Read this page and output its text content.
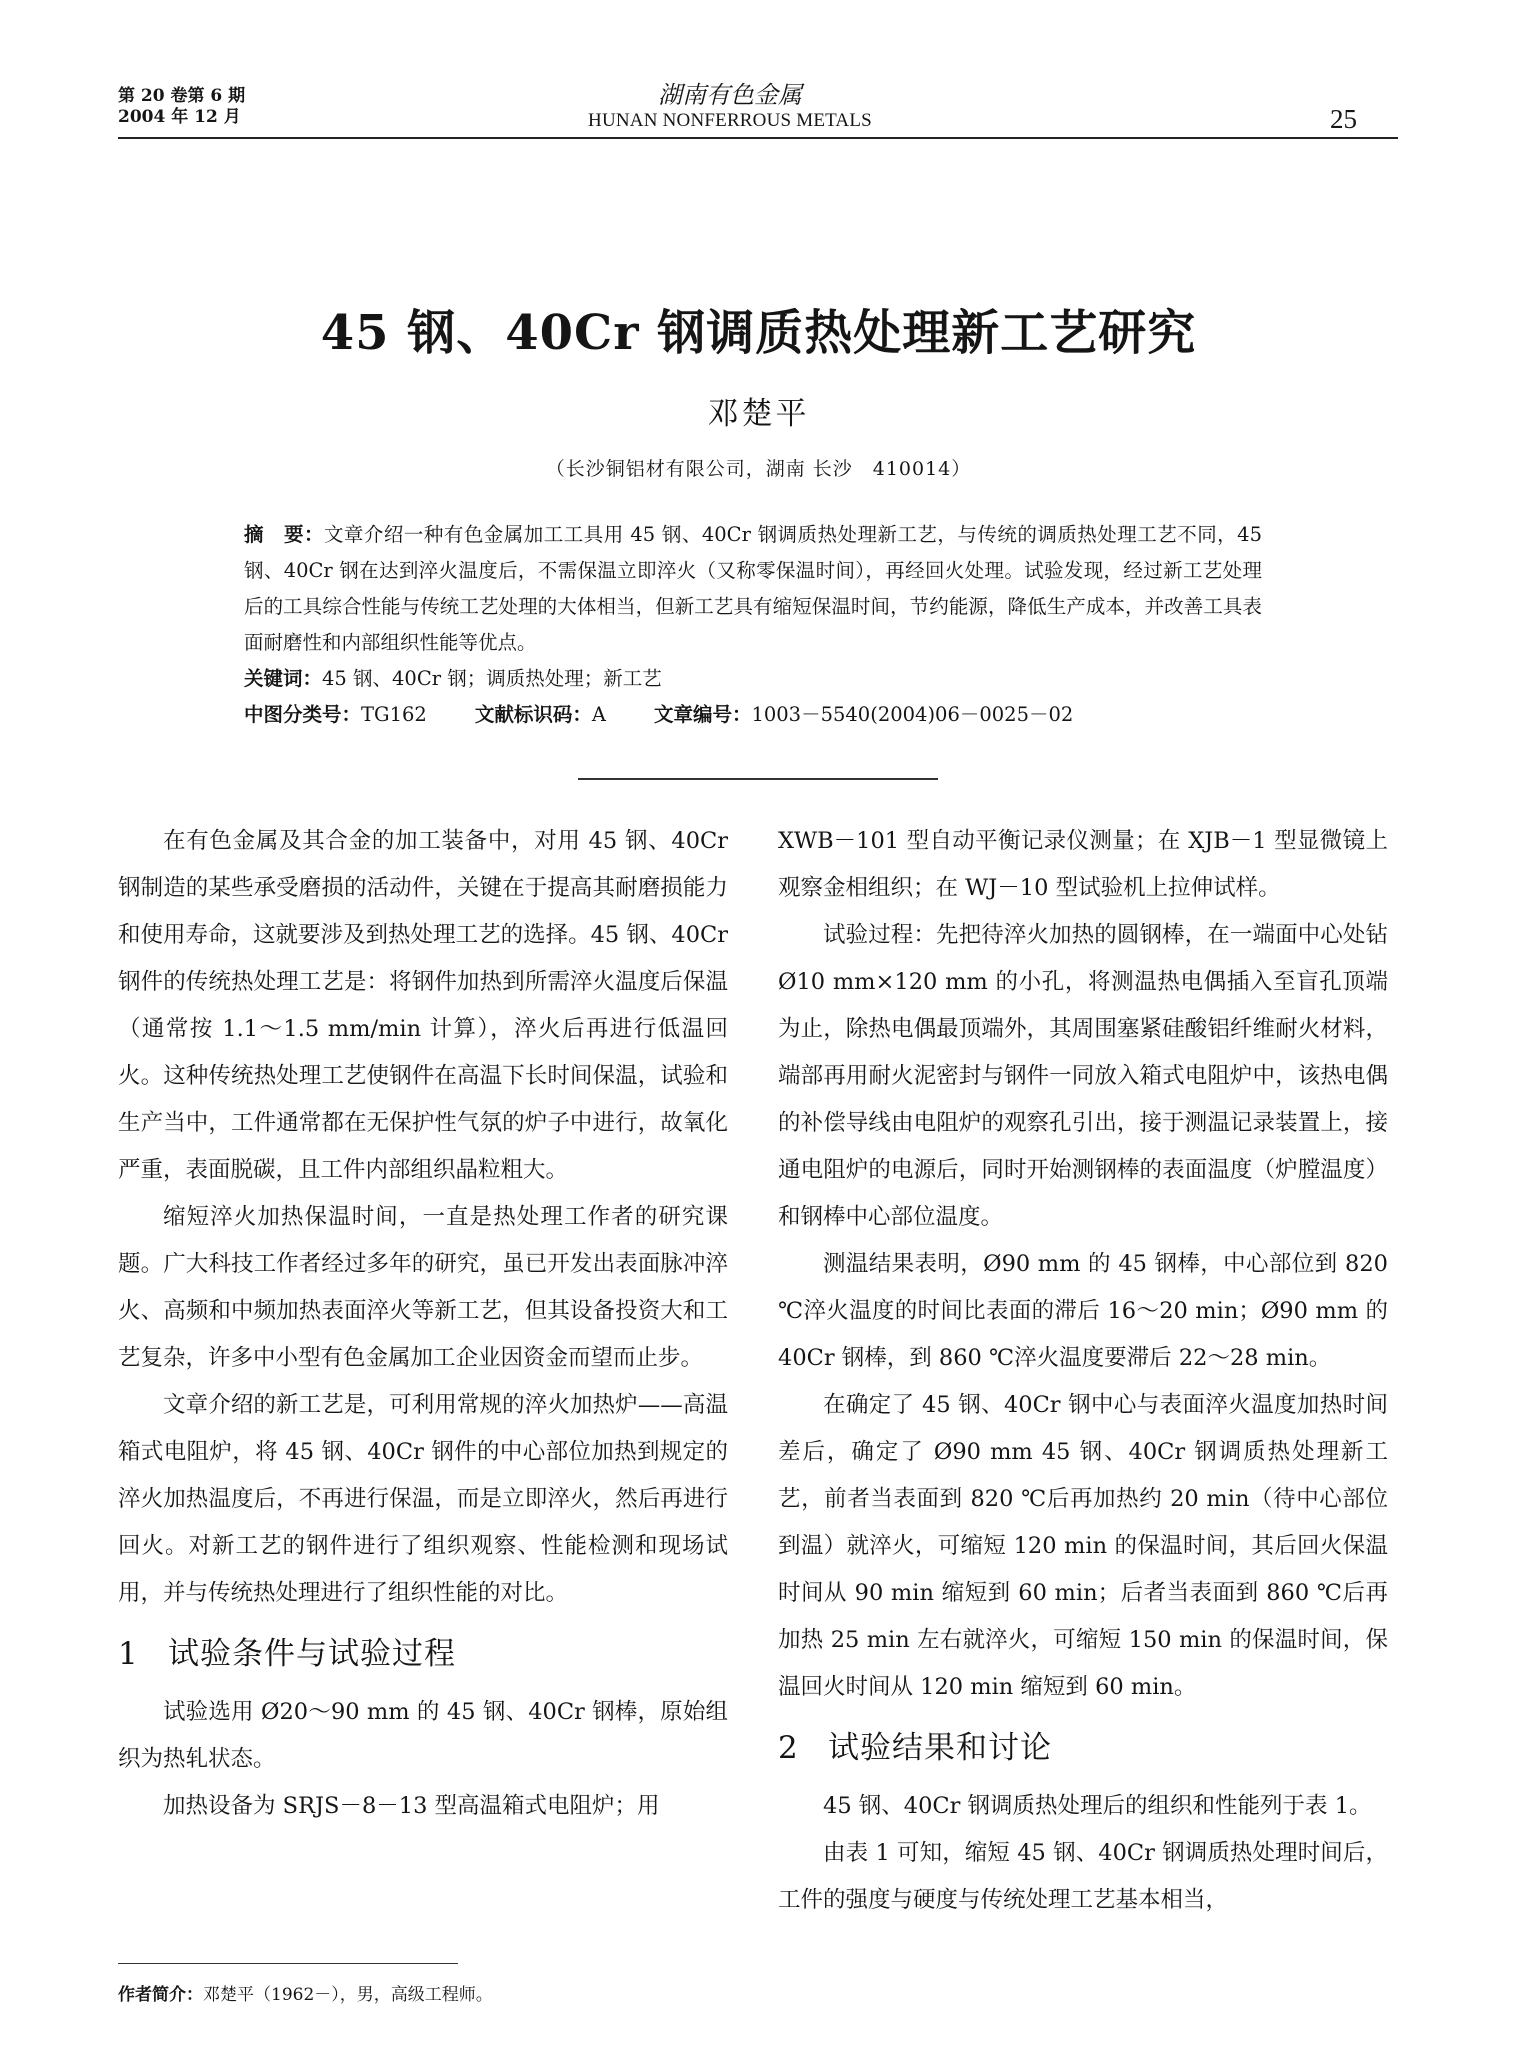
第 20 卷第 6 期
2004 年 12 月
湖南有色金属
HUNAN NONFERROUS METALS	25
45 钢、40Cr 钢调质热处理新工艺研究
邓楚平
（长沙铜铝材有限公司，湖南 长沙　410014）
摘　要：文章介绍一种有色金属加工工具用 45 钢、40Cr 钢调质热处理新工艺，与传统的调质热处理工艺不同，45 钢、40Cr 钢在达到淬火温度后，不需保温立即淬火（又称零保温时间），再经回火处理。试验发现，经过新工艺处理后的工具综合性能与传统工艺处理的大体相当，但新工艺具有缩短保温时间，节约能源，降低生产成本，并改善工具表面耐磨性和内部组织性能等优点。
关键词：45 钢、40Cr 钢；调质热处理；新工艺
中图分类号：TG162 文献标识码：A 文章编号：1003－5540(2004)06－0025－02

在有色金属及其合金的加工装备中，对用 45 钢、40Cr 钢制造的某些承受磨损的活动件，关键在于提高其耐磨损能力和使用寿命，这就要涉及到热处理工艺的选择。45 钢、40Cr 钢件的传统热处理工艺是：将钢件加热到所需淬火温度后保温（通常按 1.1～1.5 mm/min 计算），淬火后再进行低温回火。这种传统热处理工艺使钢件在高温下长时间保温，试验和生产当中，工件通常都在无保护性气氛的炉子中进行，故氧化严重，表面脱碳，且工件内部组织晶粒粗大。

缩短淬火加热保温时间，一直是热处理工作者的研究课题。广大科技工作者经过多年的研究，虽已开发出表面脉冲淬火、高频和中频加热表面淬火等新工艺，但其设备投资大和工艺复杂，许多中小型有色金属加工企业因资金而望而止步。

文章介绍的新工艺是，可利用常规的淬火加热炉——高温箱式电阻炉，将 45 钢、40Cr 钢件的中心部位加热到规定的淬火加热温度后，不再进行保温，而是立即淬火，然后再进行回火。对新工艺的钢件进行了组织观察、性能检测和现场试用，并与传统热处理进行了组织性能的对比。

1 试验条件与试验过程

试验选用 Ø20～90 mm 的 45 钢、40Cr 钢棒，原始组织为热轧状态。

加热设备为 SRJS－8－13 型高温箱式电阻炉；用

XWB－101 型自动平衡记录仪测量；在 XJB－1 型显微镜上观察金相组织；在 WJ－10 型试验机上拉伸试样。

试验过程：先把待淬火加热的圆钢棒，在一端面中心处钻 Ø10 mm×120 mm 的小孔，将测温热电偶插入至盲孔顶端为止，除热电偶最顶端外，其周围塞紧硅酸铝纤维耐火材料，端部再用耐火泥密封与钢件一同放入箱式电阻炉中，该热电偶的补偿导线由电阻炉的观察孔引出，接于测温记录装置上，接通电阻炉的电源后，同时开始测钢棒的表面温度（炉膛温度）和钢棒中心部位温度。

测温结果表明，Ø90 mm 的 45 钢棒，中心部位到 820 ℃淬火温度的时间比表面的滞后 16～20 min；Ø90 mm 的 40Cr 钢棒，到 860 ℃淬火温度要滞后 22～28 min。

在确定了 45 钢、40Cr 钢中心与表面淬火温度加热时间差后，确定了 Ø90 mm 45 钢、40Cr 钢调质热处理新工艺，前者当表面到 820 ℃后再加热约 20 min（待中心部位到温）就淬火，可缩短 120 min 的保温时间，其后回火保温时间从 90 min 缩短到 60 min；后者当表面到 860 ℃后再加热 25 min 左右就淬火，可缩短 150 min 的保温时间，保温回火时间从 120 min 缩短到 60 min。

2 试验结果和讨论

45 钢、40Cr 钢调质热处理后的组织和性能列于表 1。

由表 1 可知，缩短 45 钢、40Cr 钢调质热处理时间后，工件的强度与硬度与传统处理工艺基本相当，

作者简介：邓楚平（1962－），男，高级工程师。
